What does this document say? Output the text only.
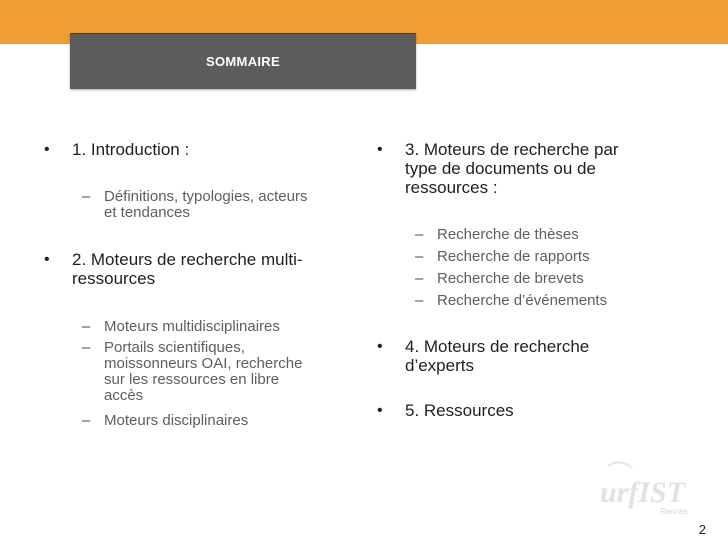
SOMMAIRE
• 1. Introduction :
– Définitions, typologies, acteurs
et tendances
• 2. Moteurs de recherche multi-
ressources
– Moteurs multidisciplinaires
– Portails scientifiques,
moissonneurs OAI, recherche
sur les ressources en libre
accès
– Moteurs disciplinaires
• 3. Moteurs de recherche par
type de documents ou de
ressources :
– Recherche de thèses
– Recherche de rapports
– Recherche de brevets
– Recherche d’événements
• 4. Moteurs de recherche
d’experts
• 5. Ressources
urfIST
Rennes
2
